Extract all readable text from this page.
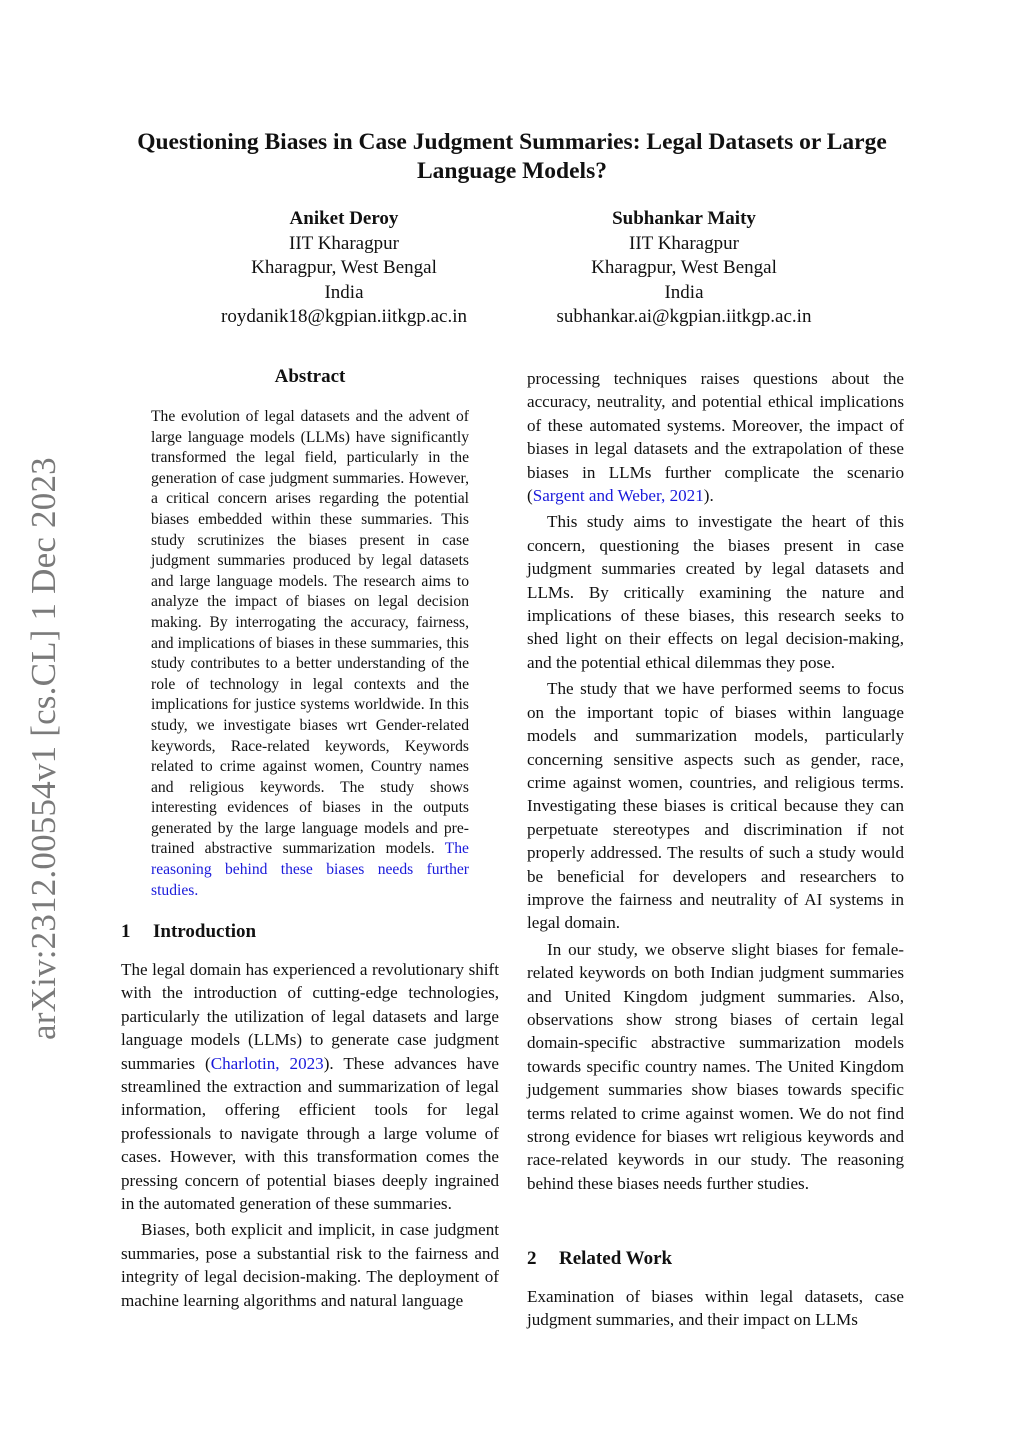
arXiv:2312.00554v1 [cs.CL] 1 Dec 2023
Questioning Biases in Case Judgment Summaries: Legal Datasets or Large Language Models?
Aniket Deroy
IIT Kharagpur
Kharagpur, West Bengal
India
roydanik18@kgpian.iitkgp.ac.in
Subhankar Maity
IIT Kharagpur
Kharagpur, West Bengal
India
subhankar.ai@kgpian.iitkgp.ac.in
Abstract
The evolution of legal datasets and the advent of large language models (LLMs) have significantly transformed the legal field, particularly in the generation of case judgment summaries. However, a critical concern arises regarding the potential biases embedded within these summaries. This study scrutinizes the biases present in case judgment summaries produced by legal datasets and large language models. The research aims to analyze the impact of biases on legal decision making. By interrogating the accuracy, fairness, and implications of biases in these summaries, this study contributes to a better understanding of the role of technology in legal contexts and the implications for justice systems worldwide. In this study, we investigate biases wrt Gender-related keywords, Race-related keywords, Keywords related to crime against women, Country names and religious keywords. The study shows interesting evidences of biases in the outputs generated by the large language models and pre-trained abstractive summarization models. The reasoning behind these biases needs further studies.
1 Introduction

The legal domain has experienced a revolutionary shift with the introduction of cutting-edge technologies, particularly the utilization of legal datasets and large language models (LLMs) to generate case judgment summaries (Charlotin, 2023). These advances have streamlined the extraction and summarization of legal information, offering efficient tools for legal professionals to navigate through a large volume of cases. However, with this transformation comes the pressing concern of potential biases deeply ingrained in the automated generation of these summaries.

Biases, both explicit and implicit, in case judgment summaries, pose a substantial risk to the fairness and integrity of legal decision-making. The deployment of machine learning algorithms and natural language

processing techniques raises questions about the accuracy, neutrality, and potential ethical implications of these automated systems. Moreover, the impact of biases in legal datasets and the extrapolation of these biases in LLMs further complicate the scenario (Sargent and Weber, 2021).

This study aims to investigate the heart of this concern, questioning the biases present in case judgment summaries created by legal datasets and LLMs. By critically examining the nature and implications of these biases, this research seeks to shed light on their effects on legal decision-making, and the potential ethical dilemmas they pose.

The study that we have performed seems to focus on the important topic of biases within language models and summarization models, particularly concerning sensitive aspects such as gender, race, crime against women, countries, and religious terms. Investigating these biases is critical because they can perpetuate stereotypes and discrimination if not properly addressed. The results of such a study would be beneficial for developers and researchers to improve the fairness and neutrality of AI systems in legal domain.

In our study, we observe slight biases for female-related keywords on both Indian judgment summaries and United Kingdom judgment summaries. Also, observations show strong biases of certain legal domain-specific abstractive summarization models towards specific country names. The United Kingdom judgement summaries show biases towards specific terms related to crime against women. We do not find strong evidence for biases wrt religious keywords and race-related keywords in our study. The reasoning behind these biases needs further studies.

Examination of biases within legal datasets, case judgment summaries, and their impact on LLMs

2 Related Work
